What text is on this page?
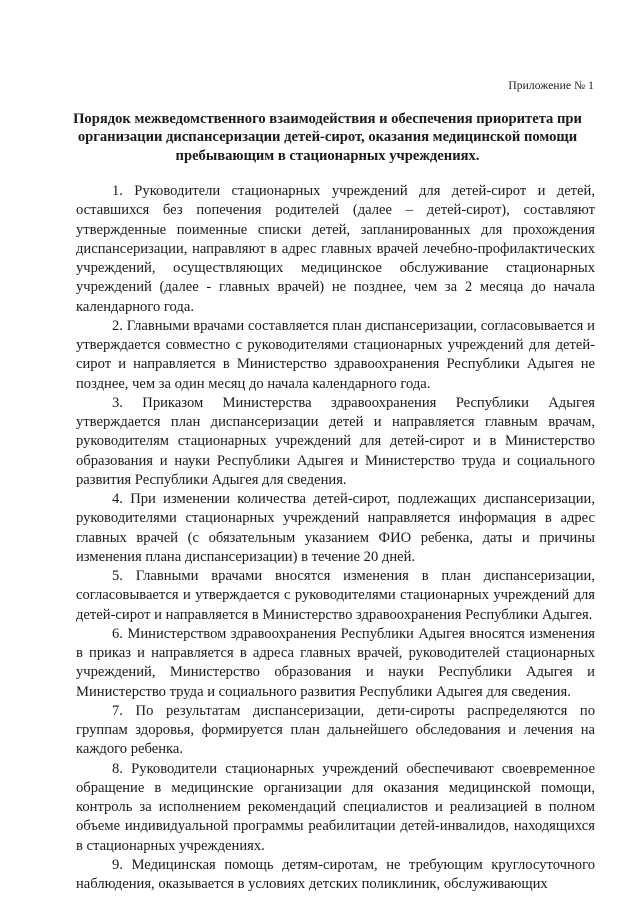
Приложение № 1
Порядок межведомственного взаимодействия и обеспечения приоритета при организации диспансеризации детей-сирот, оказания медицинской помощи пребывающим в стационарных учреждениях.

1. Руководители стационарных учреждений для детей-сирот и детей, оставшихся без попечения родителей (далее – детей-сирот), составляют утвержденные поименные списки детей, запланированных для прохождения диспансеризации, направляют в адрес главных врачей лечебно-профилактических учреждений, осуществляющих медицинское обслуживание стационарных учреждений (далее - главных врачей) не позднее, чем за 2 месяца до начала календарного года.

2. Главными врачами составляется план диспансеризации, согласовывается и утверждается совместно с руководителями стационарных учреждений для детей-сирот и направляется в Министерство здравоохранения Республики Адыгея не позднее, чем за один месяц до начала календарного года.

3. Приказом Министерства здравоохранения Республики Адыгея утверждается план диспансеризации детей и направляется главным врачам, руководителям стационарных учреждений для детей-сирот и в Министерство образования и науки Республики Адыгея и Министерство труда и социального развития Республики Адыгея для сведения.

4. При изменении количества детей-сирот, подлежащих диспансеризации, руководителями стационарных учреждений направляется информация в адрес главных врачей (с обязательным указанием ФИО ребенка, даты и причины изменения плана диспансеризации) в течение 20 дней.

5. Главными врачами вносятся изменения в план диспансеризации, согласовывается и утверждается с руководителями стационарных учреждений для детей-сирот и направляется в Министерство здравоохранения Республики Адыгея.

6. Министерством здравоохранения Республики Адыгея вносятся изменения в приказ и направляется в адреса главных врачей, руководителей стационарных учреждений, Министерство образования и науки Республики Адыгея и Министерство труда и социального развития Республики Адыгея для сведения.

7. По результатам диспансеризации, дети-сироты распределяются по группам здоровья, формируется план дальнейшего обследования и лечения на каждого ребенка.

8. Руководители стационарных учреждений обеспечивают своевременное обращение в медицинские организации для оказания медицинской помощи, контроль за исполнением рекомендаций специалистов и реализацией в полном объеме индивидуальной программы реабилитации детей-инвалидов, находящихся в стационарных учреждениях.

9. Медицинская помощь детям-сиротам, не требующим круглосуточного наблюдения, оказывается в условиях детских поликлиник, обслуживающих
